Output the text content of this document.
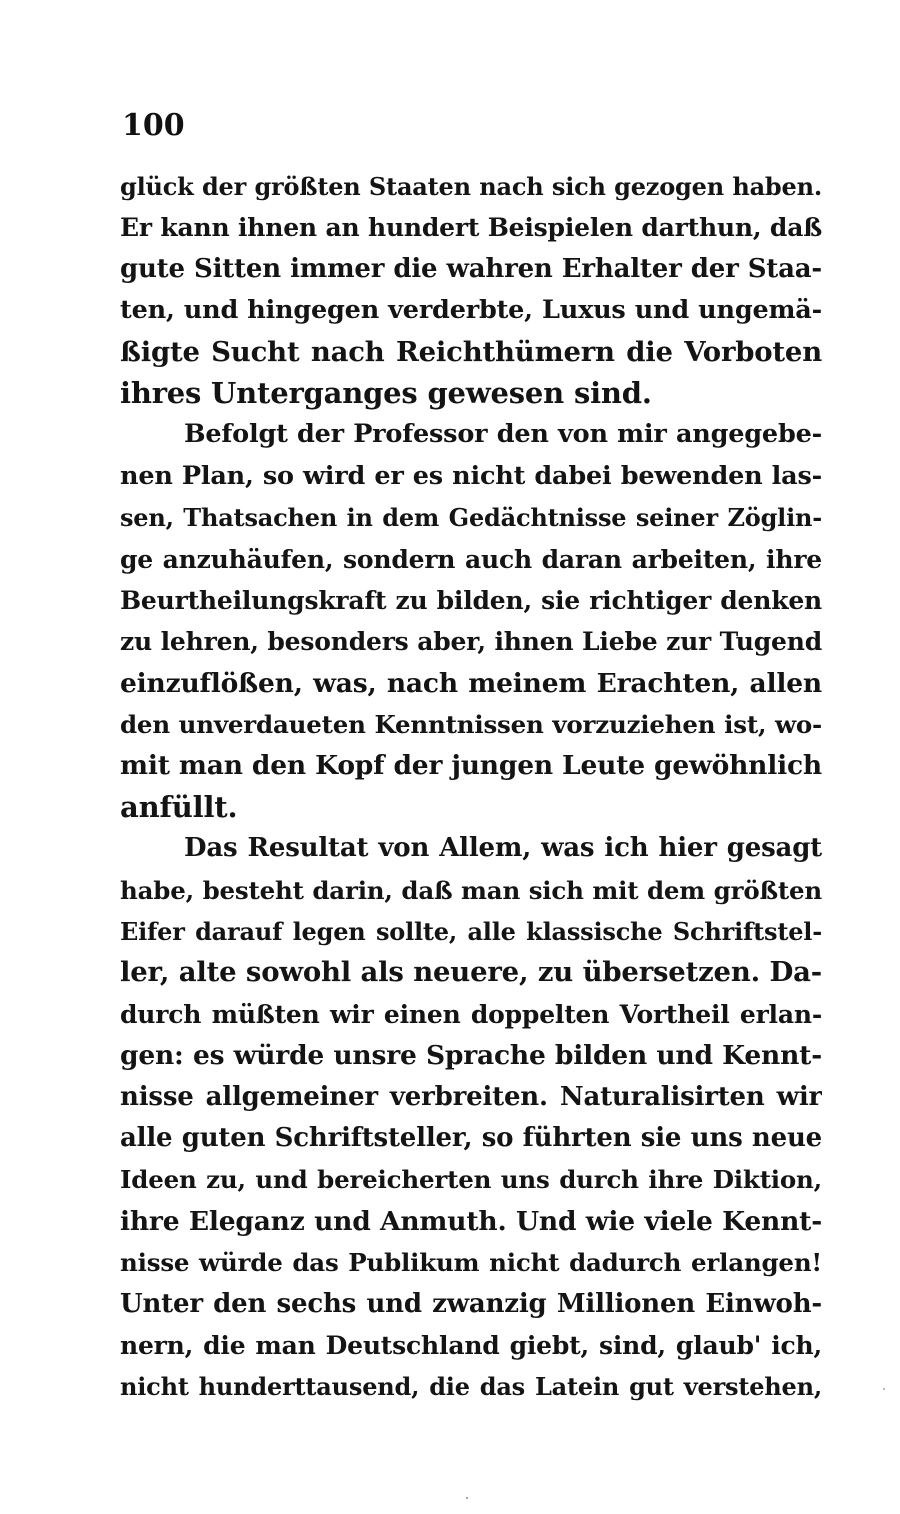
100
glück der größten Staaten nach sich gezogen haben.
Er kann ihnen an hundert Beispielen darthun, daß
gute Sitten immer die wahren Erhalter der Staa-
ten, und hingegen verderbte, Luxus und ungemä-
ßigte Sucht nach Reichthümern die Vorboten
ihres Unterganges gewesen sind.
Befolgt der Professor den von mir angegebe-
nen Plan, so wird er es nicht dabei bewenden las-
sen, Thatsachen in dem Gedächtnisse seiner Zöglin-
ge anzuhäufen, sondern auch daran arbeiten, ihre
Beurtheilungskraft zu bilden, sie richtiger denken
zu lehren, besonders aber, ihnen Liebe zur Tugend
einzuflößen, was, nach meinem Erachten, allen
den unverdaueten Kenntnissen vorzuziehen ist, wo-
mit man den Kopf der jungen Leute gewöhnlich
anfüllt.
Das Resultat von Allem, was ich hier gesagt
habe, besteht darin, daß man sich mit dem größten
Eifer darauf legen sollte, alle klassische Schriftstel-
ler, alte sowohl als neuere, zu übersetzen. Da-
durch müßten wir einen doppelten Vortheil erlan-
gen: es würde unsre Sprache bilden und Kennt-
nisse allgemeiner verbreiten. Naturalisirten wir
alle guten Schriftsteller, so führten sie uns neue
Ideen zu, und bereicherten uns durch ihre Diktion,
ihre Eleganz und Anmuth. Und wie viele Kennt-
nisse würde das Publikum nicht dadurch erlangen!
Unter den sechs und zwanzig Millionen Einwoh-
nern, die man Deutschland giebt, sind, glaub' ich,
nicht hunderttausend, die das Latein gut verstehen,
